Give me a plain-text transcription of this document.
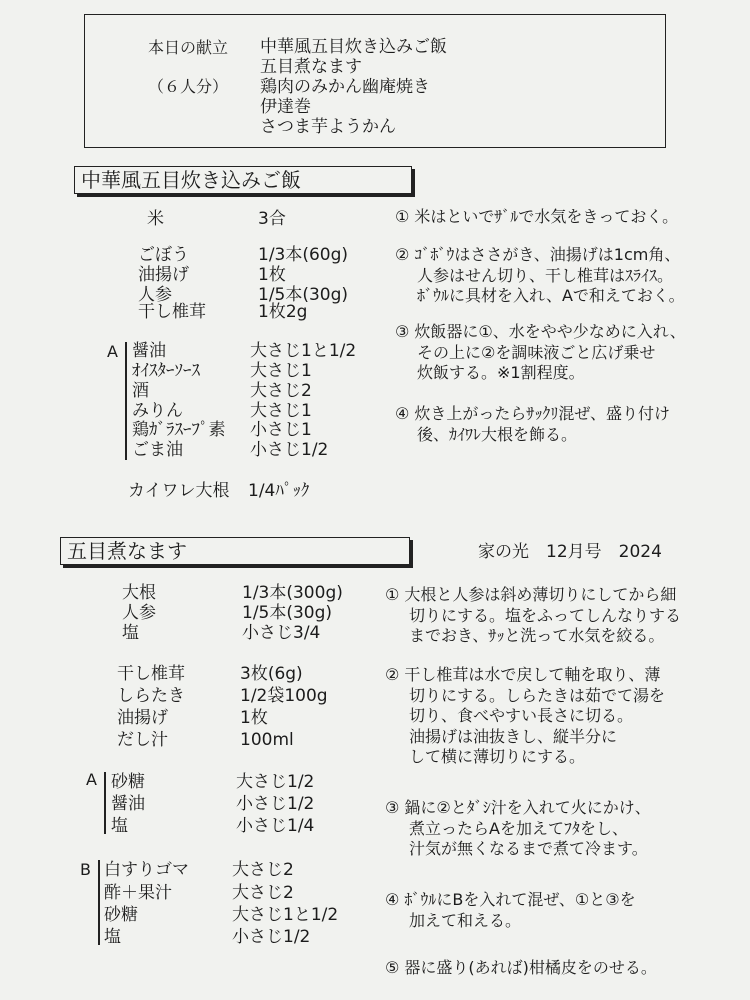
本日の献立
（６人分）
中華風五目炊き込みご飯
五目煮なます
鶏肉のみかん幽庵焼き
伊達巻
さつま芋ようかん
中華風五目炊き込みご飯
米	3合
ごぼう	1/3本(60g)
油揚げ	1枚
人参	1/5本(30g)
干し椎茸	1枚2g
A 醤油	大さじ1と1/2
ｵｲｽﾀｰｿｰｽ	大さじ1
酒	大さじ2
みりん	大さじ1
鶏ｶﾞﾗｽｰﾌﾟ素 小さじ1
ごま油	小さじ1/2
カイワレ大根 1/4ﾊﾟｯｸ
① 米はといでｻﾞﾙで水気をきっておく。
② ｺﾞﾎﾞｳはささがき、油揚げは1cm角、
人参はせん切り、干し椎茸はｽﾗｲｽ。
ﾎﾞｳﾙに具材を入れ、Aで和えておく。
③ 炊飯器に①、水をやや少なめに入れ、
その上に②を調味液ごと広げ乗せ
炊飯する。※1割程度。
④ 炊き上がったらｻｯｸﾘ混ぜ、盛り付け
後、ｶｲﾜﾚ大根を飾る。
五目煮なます	家の光　12月号　2024
大根	1/3本(300g)
人参	1/5本(30g)
塩	小さじ3/4
干し椎茸	3枚(6g)
しらたき	1/2袋100g
油揚げ	1枚
だし汁	100ml
A 砂糖	大さじ1/2
醤油	小さじ1/2
塩	小さじ1/4
B 白すりゴマ	大さじ2
酢＋果汁	大さじ2
砂糖	大さじ1と1/2
塩	小さじ1/2
① 大根と人参は斜め薄切りにしてから細
切りにする。塩をふってしんなりする
までおき、ｻｯと洗って水気を絞る。
② 干し椎茸は水で戻して軸を取り、薄
切りにする。しらたきは茹でて湯を
切り、食べやすい長さに切る。
油揚げは油抜きし、縦半分に
して横に薄切りにする。
③ 鍋に②とﾀﾞｼ汁を入れて火にかけ、
煮立ったらAを加えてﾌﾀをし、
汁気が無くなるまで煮て冷ます。
④ ﾎﾞｳﾙにBを入れて混ぜ、①と③を
加えて和える。
⑤ 器に盛り(あれば)柑橘皮をのせる。
